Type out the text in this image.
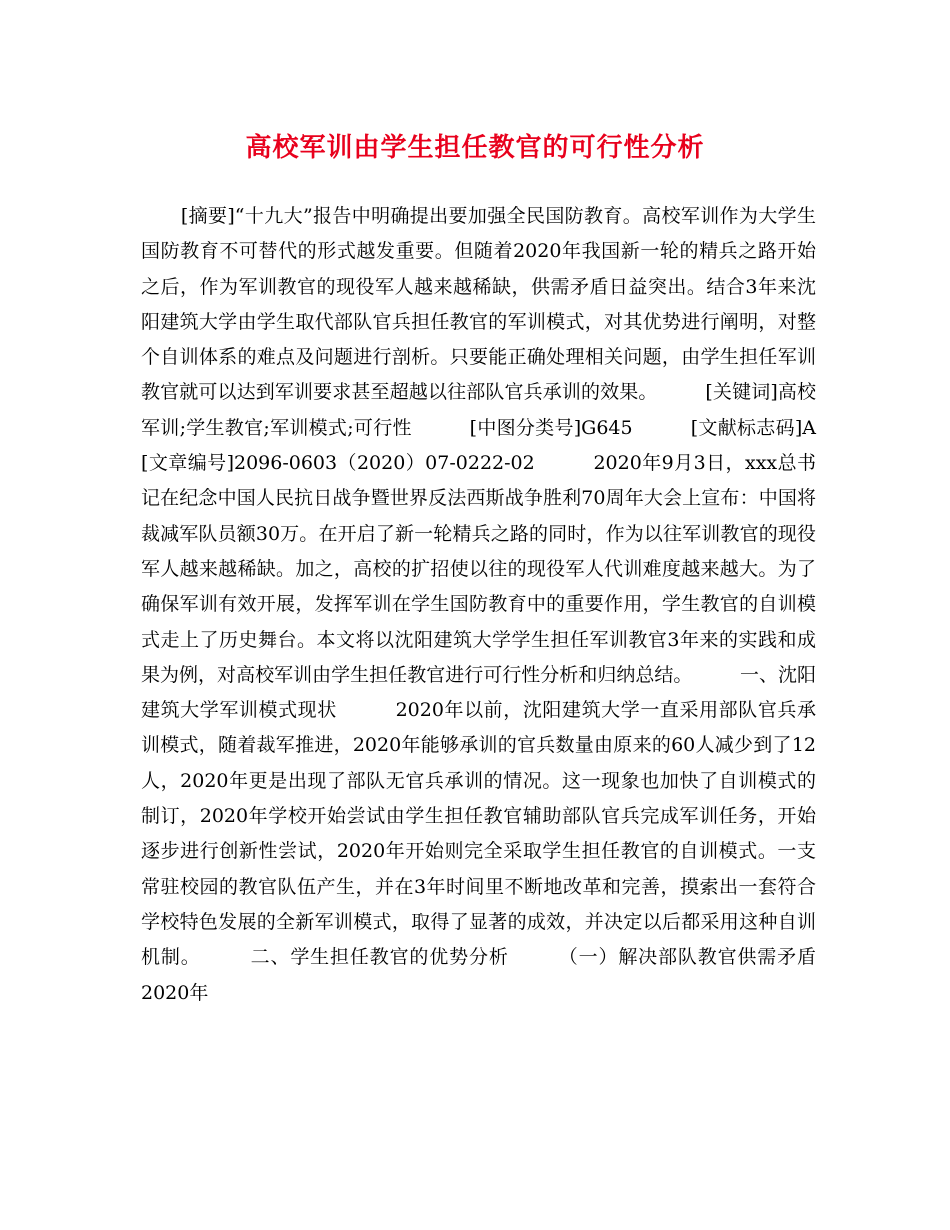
高校军训由学生担任教官的可行性分析

[摘要]“十九大”报告中明确提出要加强全民国防教育。高校军训作为大学生国防教育不可替代的形式越发重要。但随着2020年我国新一轮的精兵之路开始之后，作为军训教官的现役军人越来越稀缺，供需矛盾日益突出。结合3年来沈阳建筑大学由学生取代部队官兵担任教官的军训模式，对其优势进行阐明，对整个自训体系的难点及问题进行剖析。只要能正确处理相关问题，由学生担任军训教官就可以达到军训要求甚至超越以往部队官兵承训的效果。　　　[关键词]高校军训;学生教官;军训模式;可行性　　　[中图分类号]G645　　　[文献标志码]A　　　[文章编号]2096-0603（2020）07-0222-02　　　2020年9月3日，xxx总书记在纪念中国人民抗日战争暨世界反法西斯战争胜利70周年大会上宣布：中国将裁减军队员额30万。在开启了新一轮精兵之路的同时，作为以往军训教官的现役军人越来越稀缺。加之，高校的扩招使以往的现役军人代训难度越来越大。为了确保军训有效开展，发挥军训在学生国防教育中的重要作用，学生教官的自训模式走上了历史舞台。本文将以沈阳建筑大学学生担任军训教官3年来的实践和成果为例，对高校军训由学生担任教官进行可行性分析和归纳总结。　　　一、沈阳建筑大学军训模式现状　　　2020年以前，沈阳建筑大学一直采用部队官兵承训模式，随着裁军推进，2020年能够承训的官兵数量由原来的60人减少到了12人，2020年更是出现了部队无官兵承训的情况。这一现象也加快了自训模式的制订，2020年学校开始尝试由学生担任教官辅助部队官兵完成军训任务，开始逐步进行创新性尝试，2020年开始则完全采取学生担任教官的自训模式。一支常驻校园的教官队伍产生，并在3年时间里不断地改革和完善，摸索出一套符合学校特色发展的全新军训模式，取得了显著的成效，并决定以后都采用这种自训机制。　　　二、学生担任教官的优势分析　　　（一）解决部队教官供需矛盾　　　2020年
